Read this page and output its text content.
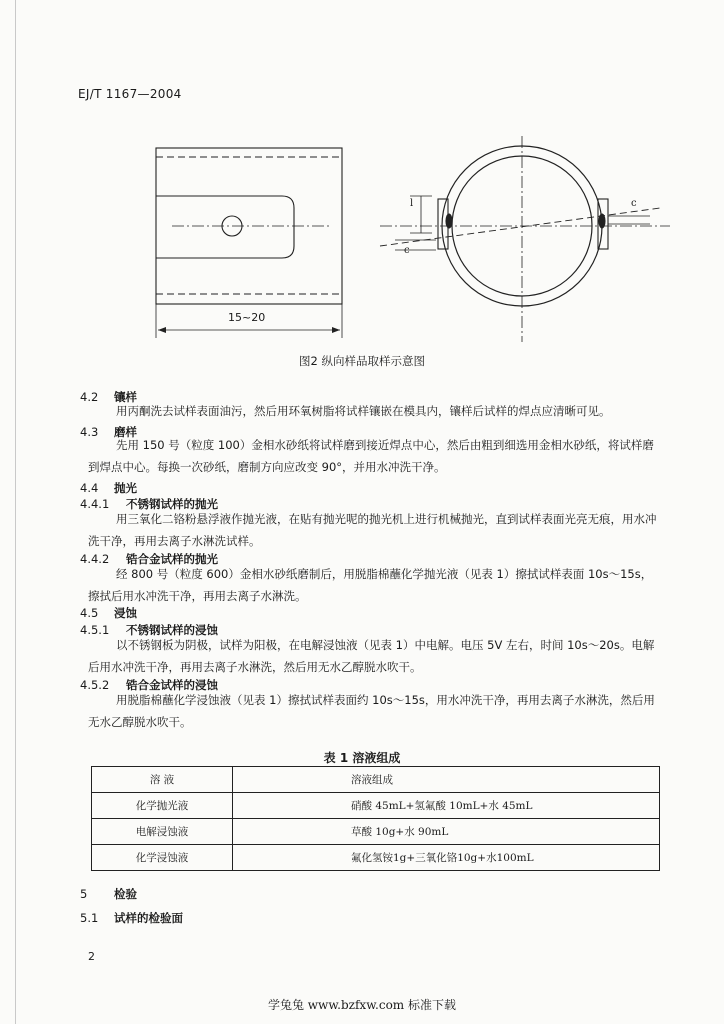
EJ/T 1167—2004
15~20
l	c
c
图2 纵向样品取样示意图
4.2 镶样
用丙酮洗去试样表面油污，然后用环氧树脂将试样镶嵌在模具内，镶样后试样的焊点应清晰可见。
4.3 磨样
先用 150 号（粒度 100）金相水砂纸将试样磨到接近焊点中心，然后由粗到细选用金相水砂纸，将试样磨到焊点中心。每换一次砂纸，磨制方向应改变 90°，并用水冲洗干净。
4.4 抛光
4.4.1 不锈钢试样的抛光
用三氧化二铬粉悬浮液作抛光液，在贴有抛光呢的抛光机上进行机械抛光，直到试样表面光亮无痕，用水冲洗干净，再用去离子水淋洗试样。
4.4.2 锆合金试样的抛光
经 800 号（粒度 600）金相水砂纸磨制后，用脱脂棉蘸化学抛光液（见表 1）擦拭试样表面 10s～15s，擦拭后用水冲洗干净，再用去离子水淋洗。
4.5 浸蚀
4.5.1 不锈钢试样的浸蚀
以不锈钢板为阴极，试样为阳极，在电解浸蚀液（见表 1）中电解。电压 5V 左右，时间 10s～20s。电解后用水冲洗干净，再用去离子水淋洗，然后用无水乙醇脱水吹干。
4.5.2 锆合金试样的浸蚀
用脱脂棉蘸化学浸蚀液（见表 1）擦拭试样表面约 10s～15s，用水冲洗干净，再用去离子水淋洗，然后用无水乙醇脱水吹干。
表 1 溶液组成
溶 液	溶液组成
化学抛光液	硝酸 45mL+氢氟酸 10mL+水 45mL
电解浸蚀液	草酸 10g+水 90mL
化学浸蚀液	氟化氢铵1g+三氧化铬10g+水100mL
5 检验
5.1 试样的检验面
2
学兔兔 www.bzfxw.com 标准下载
